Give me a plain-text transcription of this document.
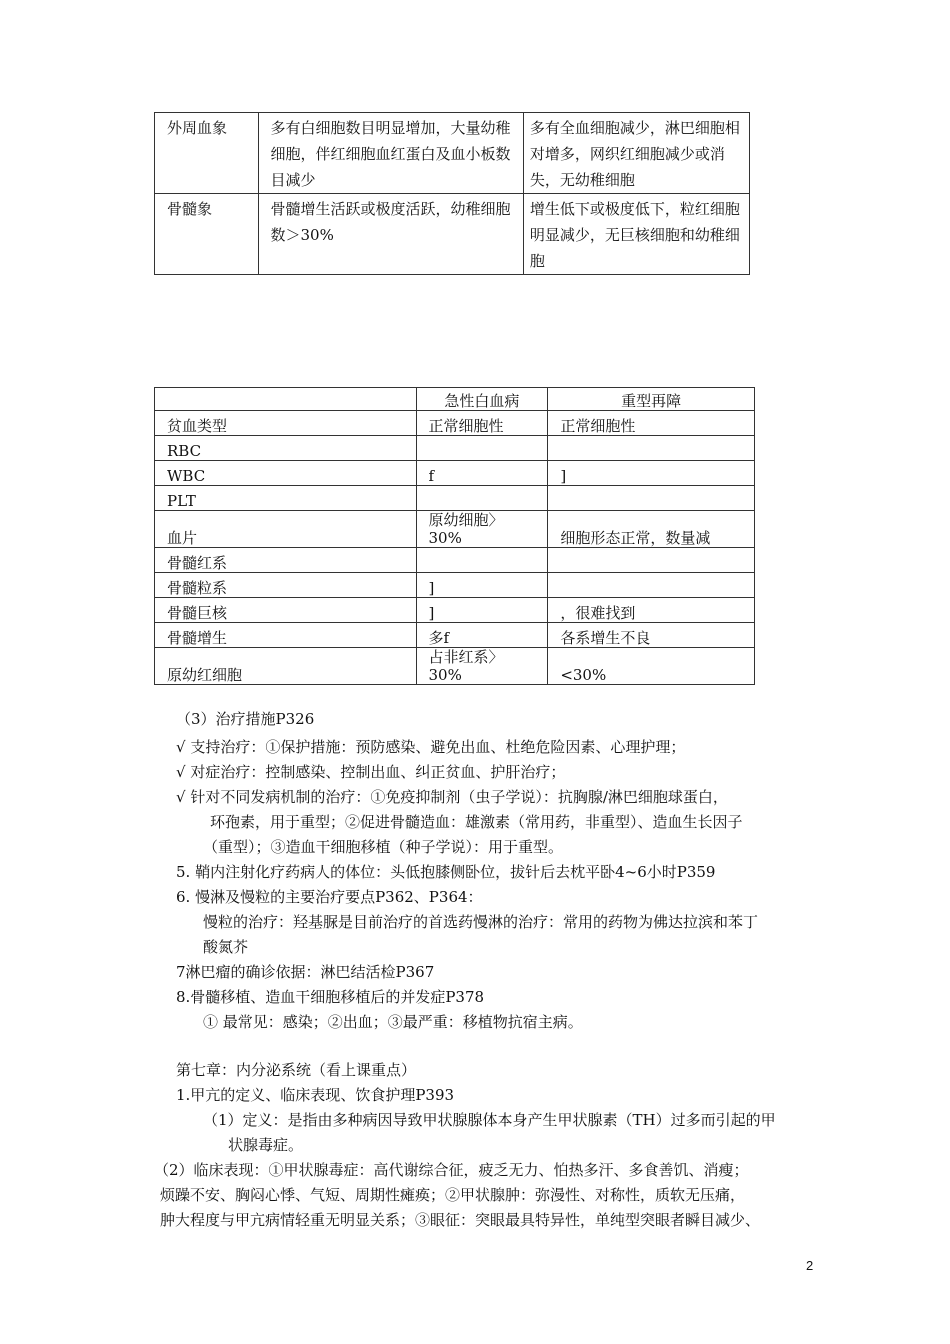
外周血象	多有白细胞数目明显增加，大量幼稚细胞，伴红细胞血红蛋白及血小板数目减少	多有全血细胞减少，淋巴细胞相对增多，网织红细胞减少或消失，无幼稚细胞
骨髓象	骨髓增生活跃或极度活跃，幼稚细胞数＞30%	增生低下或极度低下，粒红细胞明显减少，无巨核细胞和幼稚细胞
	急性白血病	重型再障
贫血类型	正常细胞性	正常细胞性
RBC		
WBC	f	]
PLT		
血片	原幼细胞〉30%	细胞形态正常，数量减
骨髓红系		
骨髓粒系	]	
骨髓巨核	]	，很难找到
骨髓增生	多f	各系增生不良
原幼红细胞	占非红系〉30%	<30%
（3）治疗措施P326
√ 支持治疗：①保护措施：预防感染、避免出血、杜绝危险因素、心理护理；
√ 对症治疗：控制感染、控制出血、纠正贫血、护肝治疗；
√ 针对不同发病机制的治疗：①免疫抑制剂（虫子学说）：抗胸腺/淋巴细胞球蛋白，
环孢素，用于重型；②促进骨髓造血：雄激素（常用药，非重型）、造血生长因子
（重型）；③造血干细胞移植（种子学说）：用于重型。
5. 鞘内注射化疗药病人的体位：头低抱膝侧卧位，拔针后去枕平卧4~6小时P359
6. 慢淋及慢粒的主要治疗要点P362、P364：
慢粒的治疗：羟基脲是目前治疗的首选药慢淋的治疗：常用的药物为佛达拉滨和苯丁
酸氮芥
7淋巴瘤的确诊依据：淋巴结活检P367
8.骨髓移植、造血干细胞移植后的并发症P378
① 最常见：感染；②出血；③最严重：移植物抗宿主病。
第七章：内分泌系统（看上课重点）
1.甲亢的定义、临床表现、饮食护理P393
（1）定义：是指由多种病因导致甲状腺腺体本身产生甲状腺素（TH）过多而引起的甲
状腺毒症。
（2）临床表现：①甲状腺毒症：高代谢综合征，疲乏无力、怕热多汗、多食善饥、消瘦；
烦躁不安、胸闷心悸、气短、周期性瘫痪；②甲状腺肿：弥漫性、对称性，质软无压痛，
肿大程度与甲亢病情轻重无明显关系；③眼征：突眼最具特异性，单纯型突眼者瞬目减少、
2
